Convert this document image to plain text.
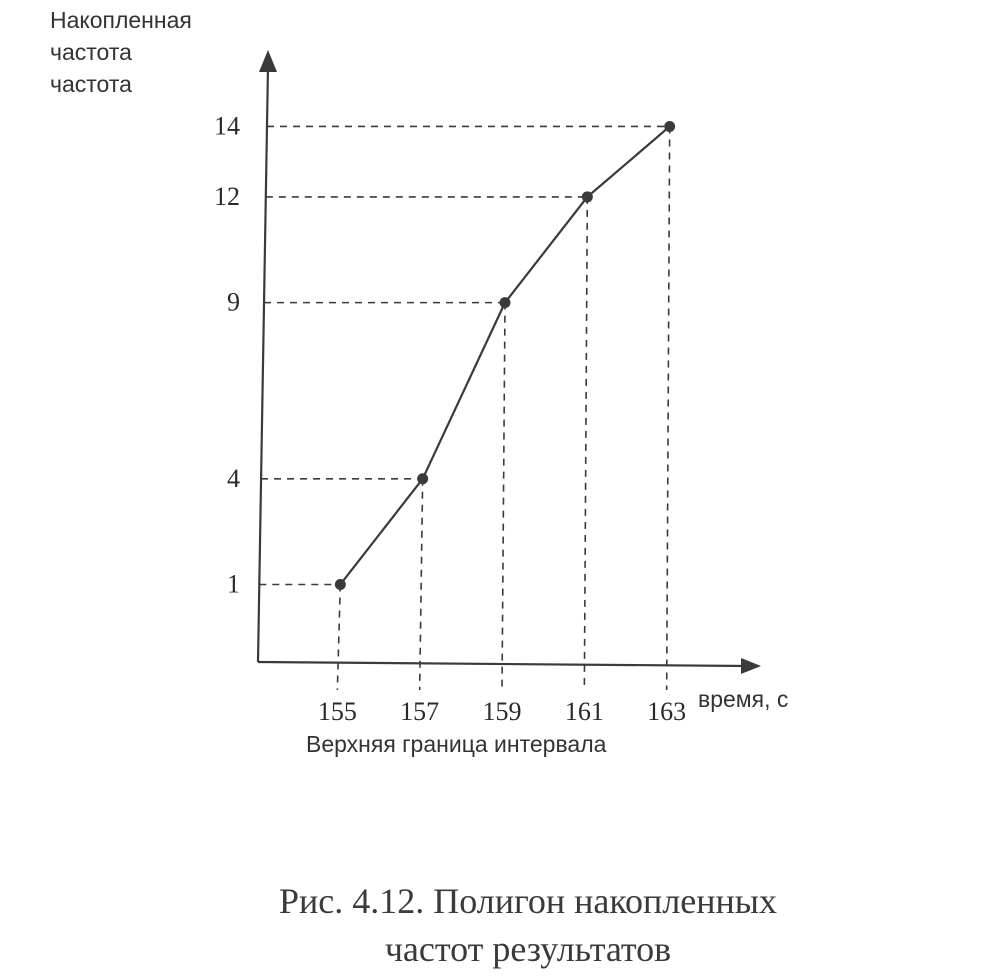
155 157 159 161 163
1
4
9
12
14
Накопленная
частота
частота
время, с
Верхняя граница интервала
Рис. 4.12. Полигон накопленных
частот результатов
